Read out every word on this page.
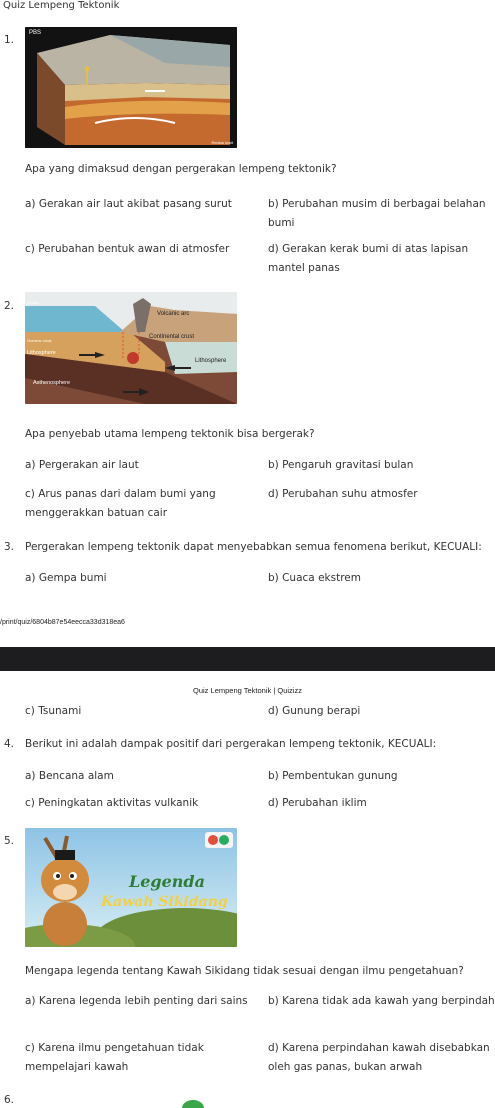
Quiz Lempeng Tektonik
1.
PBS
Redsia Icwit
Apa yang dimaksud dengan pergerakan lempeng tektonik?
a) Gerakan air laut akibat pasang surut	b) Perubahan musim di berbagai belahan bumi
c) Perubahan bentuk awan di atmosfer	d) Gerakan kerak bumi di atas lapisan mantel panas
2.	Ocean
Oceanic crust
Lithosphere
Asthenosphere
Volcanic arc
Continental crust
Lithosphere
Apa penyebab utama lempeng tektonik bisa bergerak?
a) Pergerakan air laut	b) Pengaruh gravitasi bulan
c) Arus panas dari dalam bumi yang menggerakkan batuan cair
d) Perubahan suhu atmosfer
3. Pergerakan lempeng tektonik dapat menyebabkan semua fenomena berikut, KECUALI:
a) Gempa bumi	b) Cuaca ekstrem
/print/quiz/6804b87e54eecca33d318ea6
Quiz Lempeng Tektonik | Quizizz
c) Tsunami	d) Gunung berapi
4. Berikut ini adalah dampak positif dari pergerakan lempeng tektonik, KECUALI:
a) Bencana alam	b) Pembentukan gunung
c) Peningkatan aktivitas vulkanik	d) Perubahan iklim
5.
Legenda
Kawah Sikidang
Mengapa legenda tentang Kawah Sikidang tidak sesuai dengan ilmu pengetahuan?
a) Karena legenda lebih penting dari sains	b) Karena tidak ada kawah yang berpindah
c) Karena ilmu pengetahuan tidak mempelajari kawah
d) Karena perpindahan kawah disebabkan oleh gas panas, bukan arwah
6.
